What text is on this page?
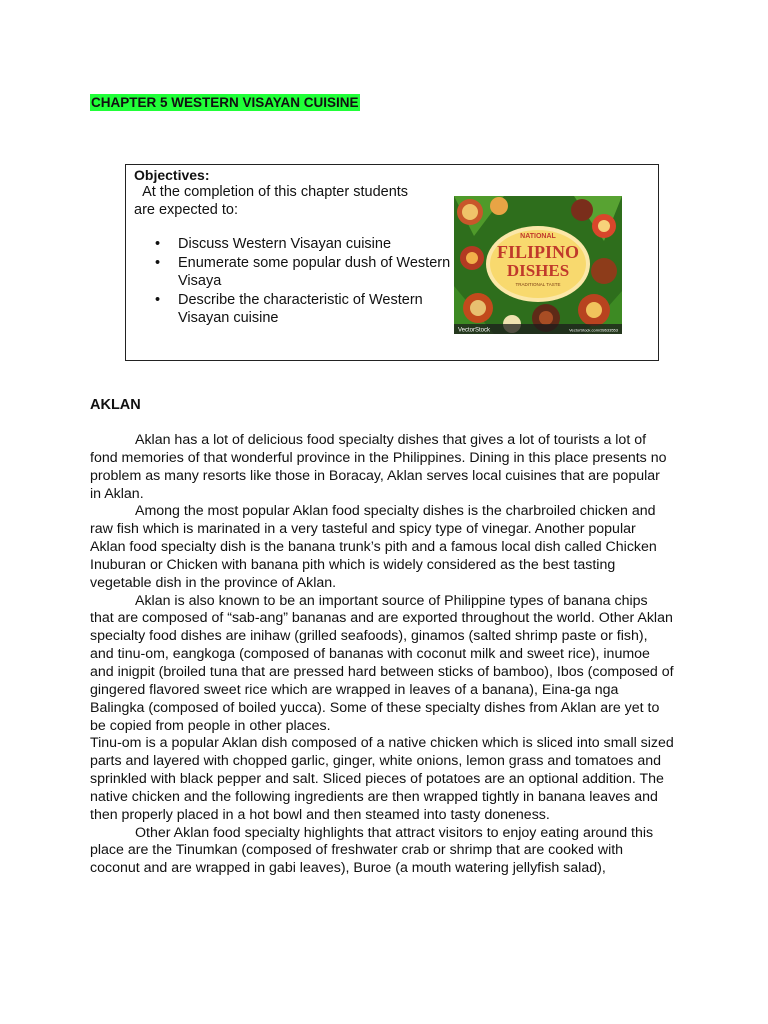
CHAPTER 5 WESTERN VISAYAN CUISINE
Objectives:
At the completion of this chapter students are expected to:
• Discuss Western Visayan cuisine
• Enumerate some popular dush of Western Visaya
• Describe the characteristic of Western Visayan cuisine
NATIONAL
FILIPINO
DISHES
TRADITIONAL TASTE
VectorStock	VectorStock.com/28633553
AKLAN

Aklan has a lot of delicious food specialty dishes that gives a lot of tourists a lot of fond memories of that wonderful province in the Philippines. Dining in this place presents no problem as many resorts like those in Boracay, Aklan serves local cuisines that are popular in Aklan.

Among the most popular Aklan food specialty dishes is the charbroiled chicken and raw fish which is marinated in a very tasteful and spicy type of vinegar. Another popular Aklan food specialty dish is the banana trunk’s pith and a famous local dish called Chicken Inuburan or Chicken with banana pith which is widely considered as the best tasting vegetable dish in the province of Aklan.

Aklan is also known to be an important source of Philippine types of banana chips that are composed of “sab-ang” bananas and are exported throughout the world. Other Aklan specialty food dishes are inihaw (grilled seafoods), ginamos (salted shrimp paste or fish), and tinu-om, eangkoga (composed of bananas with coconut milk and sweet rice), inumoe and inigpit (broiled tuna that are pressed hard between sticks of bamboo), Ibos (composed of gingered flavored sweet rice which are wrapped in leaves of a banana), Eina-ga nga Balingka (composed of boiled yucca). Some of these specialty dishes from Aklan are yet to be copied from people in other places.

Tinu-om is a popular Aklan dish composed of a native chicken which is sliced into small sized parts and layered with chopped garlic, ginger, white onions, lemon grass and tomatoes and sprinkled with black pepper and salt. Sliced pieces of potatoes are an optional addition. The native chicken and the following ingredients are then wrapped tightly in banana leaves and then properly placed in a hot bowl and then steamed into tasty doneness.

Other Aklan food specialty highlights that attract visitors to enjoy eating around this place are the Tinumkan (composed of freshwater crab or shrimp that are cooked with coconut and are wrapped in gabi leaves), Buroe (a mouth watering jellyfish salad),
